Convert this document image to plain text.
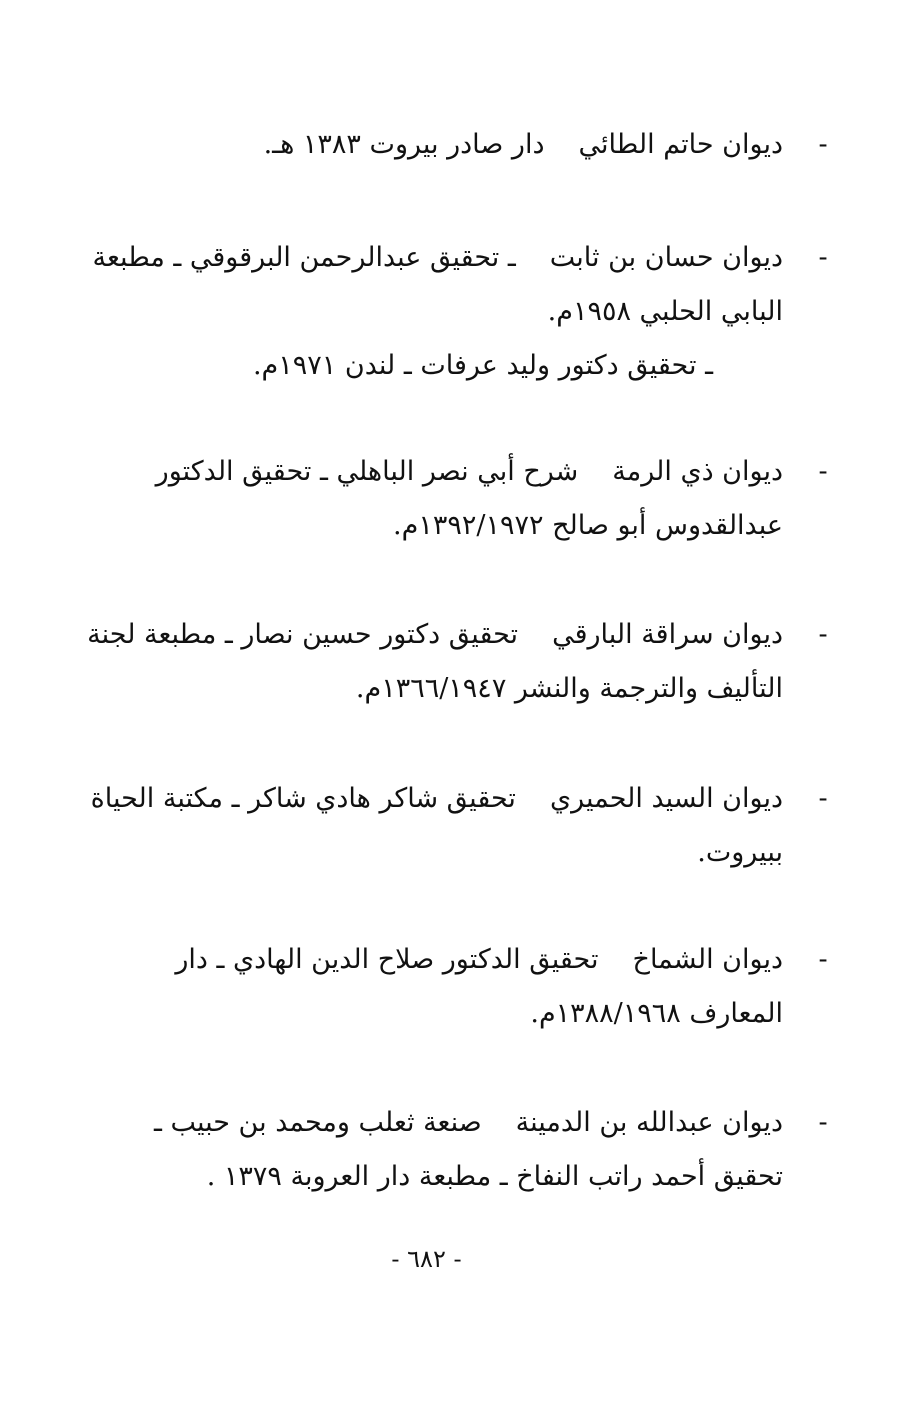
-
ديوان حاتم الطائيدار صادر بيروت ١٣٨٣ هـ.
-
ديوان حسان بن ثابتـ تحقيق عبدالرحمن البرقوقي ـ مطبعة
البابي الحلبي ١٩٥٨م.
ـ تحقيق دكتور وليد عرفات ـ لندن ١٩٧١م.
-
ديوان ذي الرمةشرح أبي نصر الباهلي ـ تحقيق الدكتور
عبدالقدوس أبو صالح ١٣٩٢/١٩٧٢م.
-
ديوان سراقة البارقيتحقيق دكتور حسين نصار ـ مطبعة لجنة
التأليف والترجمة والنشر ١٣٦٦/١٩٤٧م.
-
ديوان السيد الحميريتحقيق شاكر هادي شاكر ـ مكتبة الحياة
ببيروت.
-
ديوان الشماختحقيق الدكتور صلاح الدين الهادي ـ دار
المعارف ١٣٨٨/١٩٦٨م.
-
ديوان عبدالله بن الدمينةصنعة ثعلب ومحمد بن حبيب ـ
تحقيق أحمد راتب النفاخ ـ مطبعة دار العروبة ١٣٧٩ .
- ٦٨٢ -
